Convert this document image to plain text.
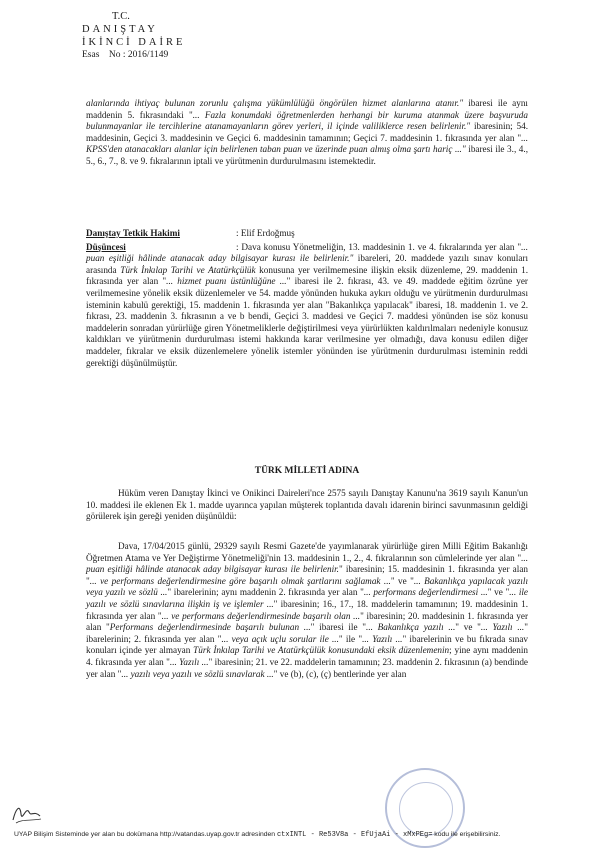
T.C.
DANIŞTAY
İKİNCİ DAİRE
Esas No : 2016/1149

alanlarında ihtiyaç bulunan zorunlu çalışma yükümlülüğü öngörülen hizmet alanlarına atanır." ibaresi ile aynı maddenin 5. fıkrasındaki "... Fazla konumdaki öğretmenlerden herhangi bir kuruma atanmak üzere başvuruda bulunmayanlar ile tercihlerine atanamayanların görev yerleri, il içinde valiliklerce resen belirlenir." ibaresinin; 54. maddesinin, Geçici 3. maddesinin ve Geçici 6. maddesinin tamamının; Geçici 7. maddesinin 1. fıkrasında yer alan "... KPSS'den atanacakları alanlar için belirlenen taban puan ve üzerinde puan almış olma şartı hariç ..." ibaresi ile 3., 4., 5., 6., 7., 8. ve 9. fıkralarının iptali ve yürütmenin durdurulmasını istemektedir.

Danıştay Tetkik Hakimi	: Elif Erdoğmuş

Düşüncesi	: Dava konusu Yönetmeliğin, 13. maddesinin 1. ve 4. fıkralarında yer alan "... puan eşitliği hâlinde atanacak aday bilgisayar kurası ile belirlenir." ibareleri, 20. maddede yazılı sınav konuları arasında Türk İnkılap Tarihi ve Atatürkçülük konusuna yer verilmemesine ilişkin eksik düzenleme, 29. maddenin 1. fıkrasında yer alan "... hizmet puanı üstünlüğüne ..." ibaresi ile 2. fıkrası, 43. ve 49. maddede eğitim özrüne yer verilmemesine yönelik eksik düzenlemeler ve 54. madde yönünden hukuka aykırı olduğu ve yürütmenin durdurulması isteminin kabulü gerektiği, 15. maddenin 1. fıkrasında yer alan "Bakanlıkça yapılacak" ibaresi, 18. maddenin 1. ve 2. fıkrası, 23. maddenin 3. fıkrasının a ve b bendi, Geçici 3. maddesi ve Geçici 7. maddesi yönünden ise söz konusu maddelerin sonradan yürürlüğe giren Yönetmeliklerle değiştirilmesi veya yürürlükten kaldırılmaları nedeniyle konusuz kaldıkları ve yürütmenin durdurulması istemi hakkında karar verilmesine yer olmadığı, dava konusu edilen diğer maddeler, fıkralar ve eksik düzenlemelere yönelik istemler yönünden ise yürütmenin durdurulması isteminin reddi gerektiği düşünülmüştür.

TÜRK MİLLETİ ADINA

Hüküm veren Danıştay İkinci ve Onikinci Daireleri'nce 2575 sayılı Danıştay Kanunu'na 3619 sayılı Kanun'un 10. maddesi ile eklenen Ek 1. madde uyarınca yapılan müşterek toplantıda davalı idarenin birinci savunmasının geldiği görülerek işin gereği yeniden düşünüldü:

Dava, 17/04/2015 günlü, 29329 sayılı Resmi Gazete'de yayımlanarak yürürlüğe giren Milli Eğitim Bakanlığı Öğretmen Atama ve Yer Değiştirme Yönetmeliği'nin 13. maddesinin 1., 2., 4. fıkralarının son cümlelerinde yer alan "... puan eşitliği hâlinde atanacak aday bilgisayar kurası ile belirlenir." ibaresinin; 15. maddesinin 1. fıkrasında yer alan "... ve performans değerlendirmesine göre başarılı olmak şartlarını sağlamak ..." ve "... Bakanlıkça yapılacak yazılı veya yazılı ve sözlü ..." ibarelerinin; aynı maddenin 2. fıkrasında yer alan "... performans değerlendirmesi ..." ve "... ile yazılı ve sözlü sınavlarına ilişkin iş ve işlemler ..." ibaresinin; 16., 17., 18. maddelerin tamamının; 19. maddesinin 1. fıkrasında yer alan "... ve performans değerlendirmesinde başarılı olan ..." ibaresinin; 20. maddesinin 1. fıkrasında yer alan "Performans değerlendirmesinde başarılı bulunan ..." ibaresi ile "... Bakanlıkça yazılı ..." ve "... Yazılı ..." ibarelerinin; 2. fıkrasında yer alan "... veya açık uçlu sorular ile ..." ile "... Yazılı ..." ibarelerinin ve bu fıkrada sınav konuları içinde yer almayan Türk İnkılap Tarihi ve Atatürkçülük konusundaki eksik düzenlemenin; yine aynı maddenin 4. fıkrasında yer alan "... Yazılı ..." ibaresinin; 21. ve 22. maddelerin tamamının; 23. maddenin 2. fıkrasının (a) bendinde yer alan "... yazılı veya yazılı ve sözlü sınavlarak ..." ve (b), (c), (ç) bentlerinde yer alan

UYAP Bilişim Sisteminde yer alan bu dokümana http://vatandas.uyap.gov.tr adresinden ctxINTL - Re53V8a - EfUjaAi - xMxPEg= kodu ile erişebilirsiniz.
